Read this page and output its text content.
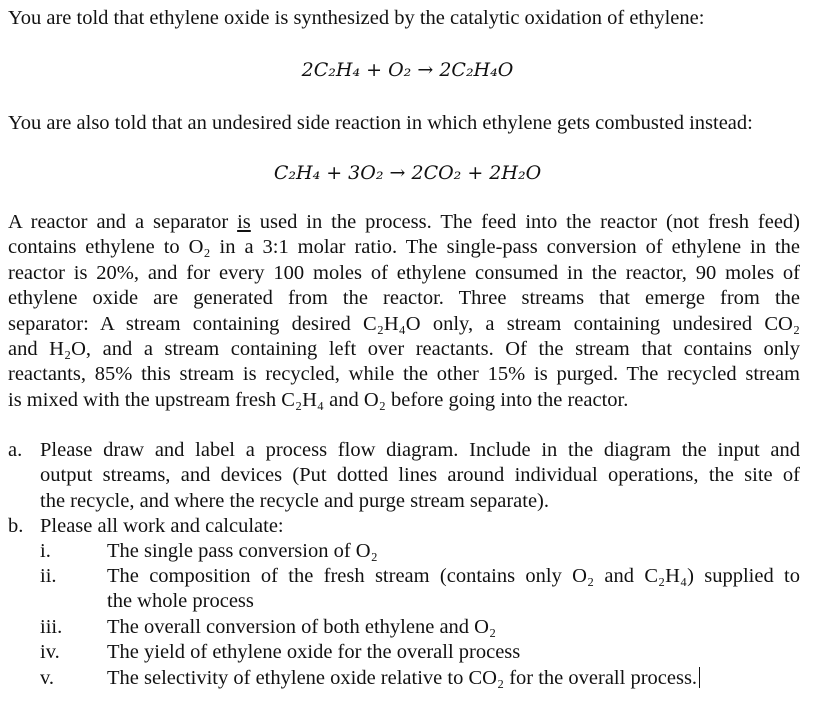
You are told that ethylene oxide is synthesized by the catalytic oxidation of ethylene:
2C₂H₄ + O₂ → 2C₂H₄O
You are also told that an undesired side reaction in which ethylene gets combusted instead:
C₂H₄ + 3O₂ → 2CO₂ + 2H₂O
A reactor and a separator is used in the process. The feed into the reactor (not fresh feed)
contains ethylene to O₂ in a 3:1 molar ratio. The single-pass conversion of ethylene in the
reactor is 20%, and for every 100 moles of ethylene consumed in the reactor, 90 moles of
ethylene oxide are generated from the reactor. Three streams that emerge from the
separator: A stream containing desired C₂H₄O only, a stream containing undesired CO₂
and H₂O, and a stream containing left over reactants. Of the stream that contains only
reactants, 85% this stream is recycled, while the other 15% is purged. The recycled stream
is mixed with the upstream fresh C₂H₄ and O₂ before going into the reactor.
a. Please draw and label a process flow diagram. Include in the diagram the input and
output streams, and devices (Put dotted lines around individual operations, the site of
the recycle, and where the recycle and purge stream separate).
b. Please all work and calculate:
i.	The single pass conversion of O₂
ii. The composition of the fresh stream (contains only O₂ and C₂H₄) supplied to
the whole process
iii. The overall conversion of both ethylene and O₂
iv. The yield of ethylene oxide for the overall process
v.	The selectivity of ethylene oxide relative to CO₂ for the overall process.
